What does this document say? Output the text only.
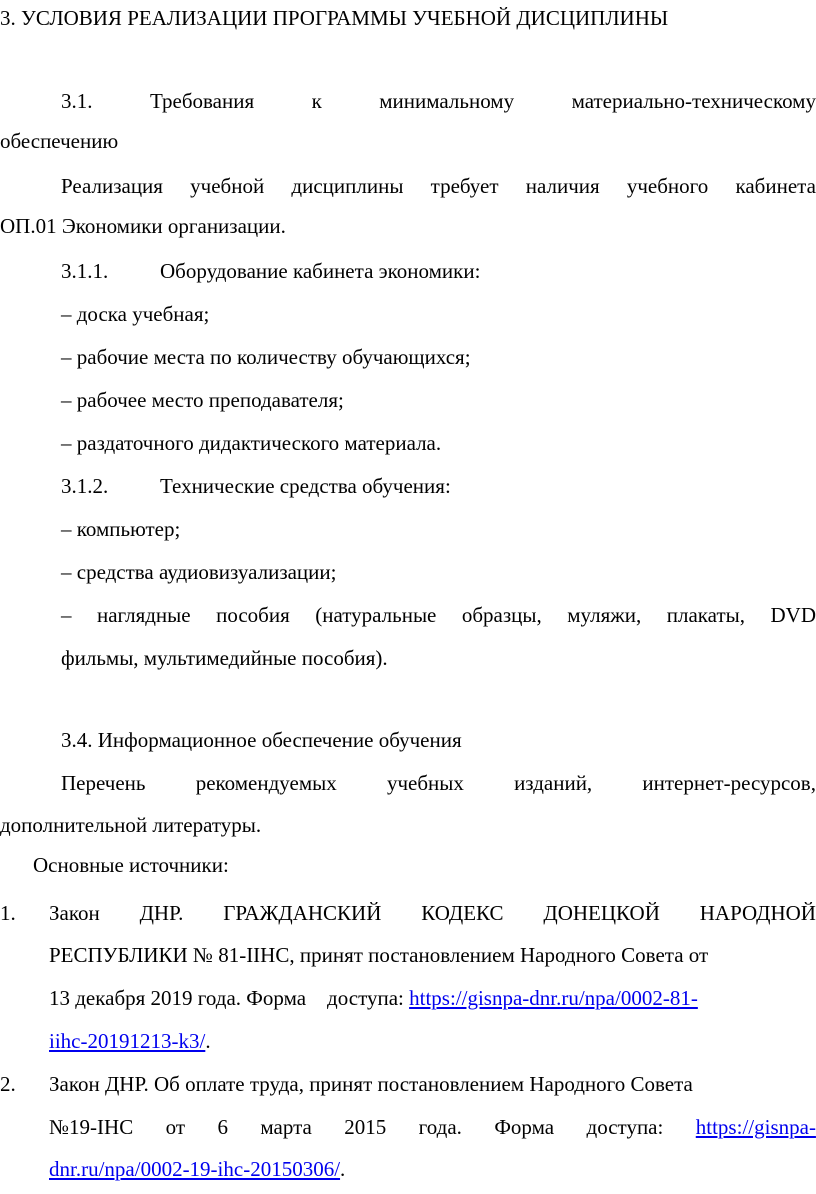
3. УСЛОВИЯ РЕАЛИЗАЦИИ ПРОГРАММЫ УЧЕБНОЙ ДИСЦИПЛИНЫ
3.1.	Требования	к	минимальному	материально-техническому
обеспечению
Реализация учебной дисциплины требует наличия учебного кабинета
ОП.01 Экономики организации.
3.1.1. Оборудование кабинета экономики:
– доска учебная;
– рабочие места по количеству обучающихся;
– рабочее место преподавателя;
– раздаточного дидактического материала.
3.1.2. Технические средства обучения:
– компьютер;
– средства аудиовизуализации;
– наглядные пособия (натуральные образцы, муляжи, плакаты, DVD
фильмы, мультимедийные пособия).
3.4. Информационное обеспечение обучения
Перечень рекомендуемых учебных изданий, интернет-ресурсов,
дополнительной литературы.
Основные источники:
1. Закон ДНР. ГРАЖДАНСКИЙ КОДЕКС ДОНЕЦКОЙ НАРОДНОЙ
РЕСПУБЛИКИ № 81-IIНС, принят постановлением Народного Совета от
13 декабря 2019 года. Форма    доступа: https://gisnpa-dnr.ru/npa/0002-81-
iihc-20191213-k3/.
2. Закон ДНР. Об оплате труда, принят постановлением Народного Совета
№19-IНС от 6 марта 2015 года. Форма доступа: https://gisnpa-
dnr.ru/npa/0002-19-ihc-20150306/.
